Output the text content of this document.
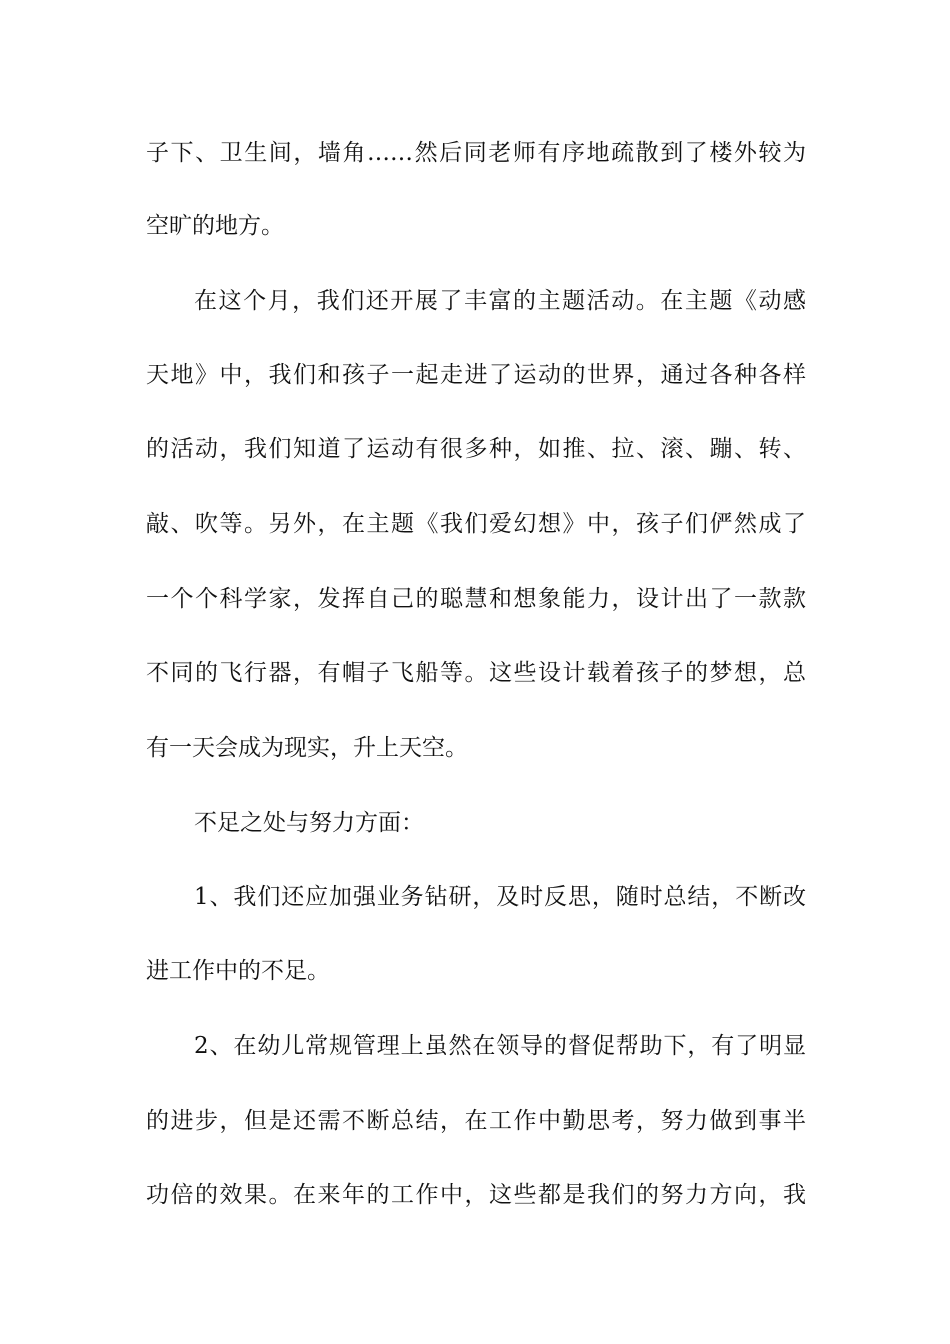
子下、卫生间，墙角……然后同老师有序地疏散到了楼外较为
空旷的地方。
在这个月，我们还开展了丰富的主题活动。在主题《动感
天地》中，我们和孩子一起走进了运动的世界，通过各种各样
的活动，我们知道了运动有很多种，如推、拉、滚、蹦、转、
敲、吹等。另外，在主题《我们爱幻想》中，孩子们俨然成了
一个个科学家，发挥自己的聪慧和想象能力，设计出了一款款
不同的飞行器，有帽子飞船等。这些设计载着孩子的梦想，总
有一天会成为现实，升上天空。
不足之处与努力方面：
1、我们还应加强业务钻研，及时反思，随时总结，不断改
进工作中的不足。
2、在幼儿常规管理上虽然在领导的督促帮助下，有了明显
的进步，但是还需不断总结，在工作中勤思考，努力做到事半
功倍的效果。在来年的工作中，这些都是我们的努力方向，我
